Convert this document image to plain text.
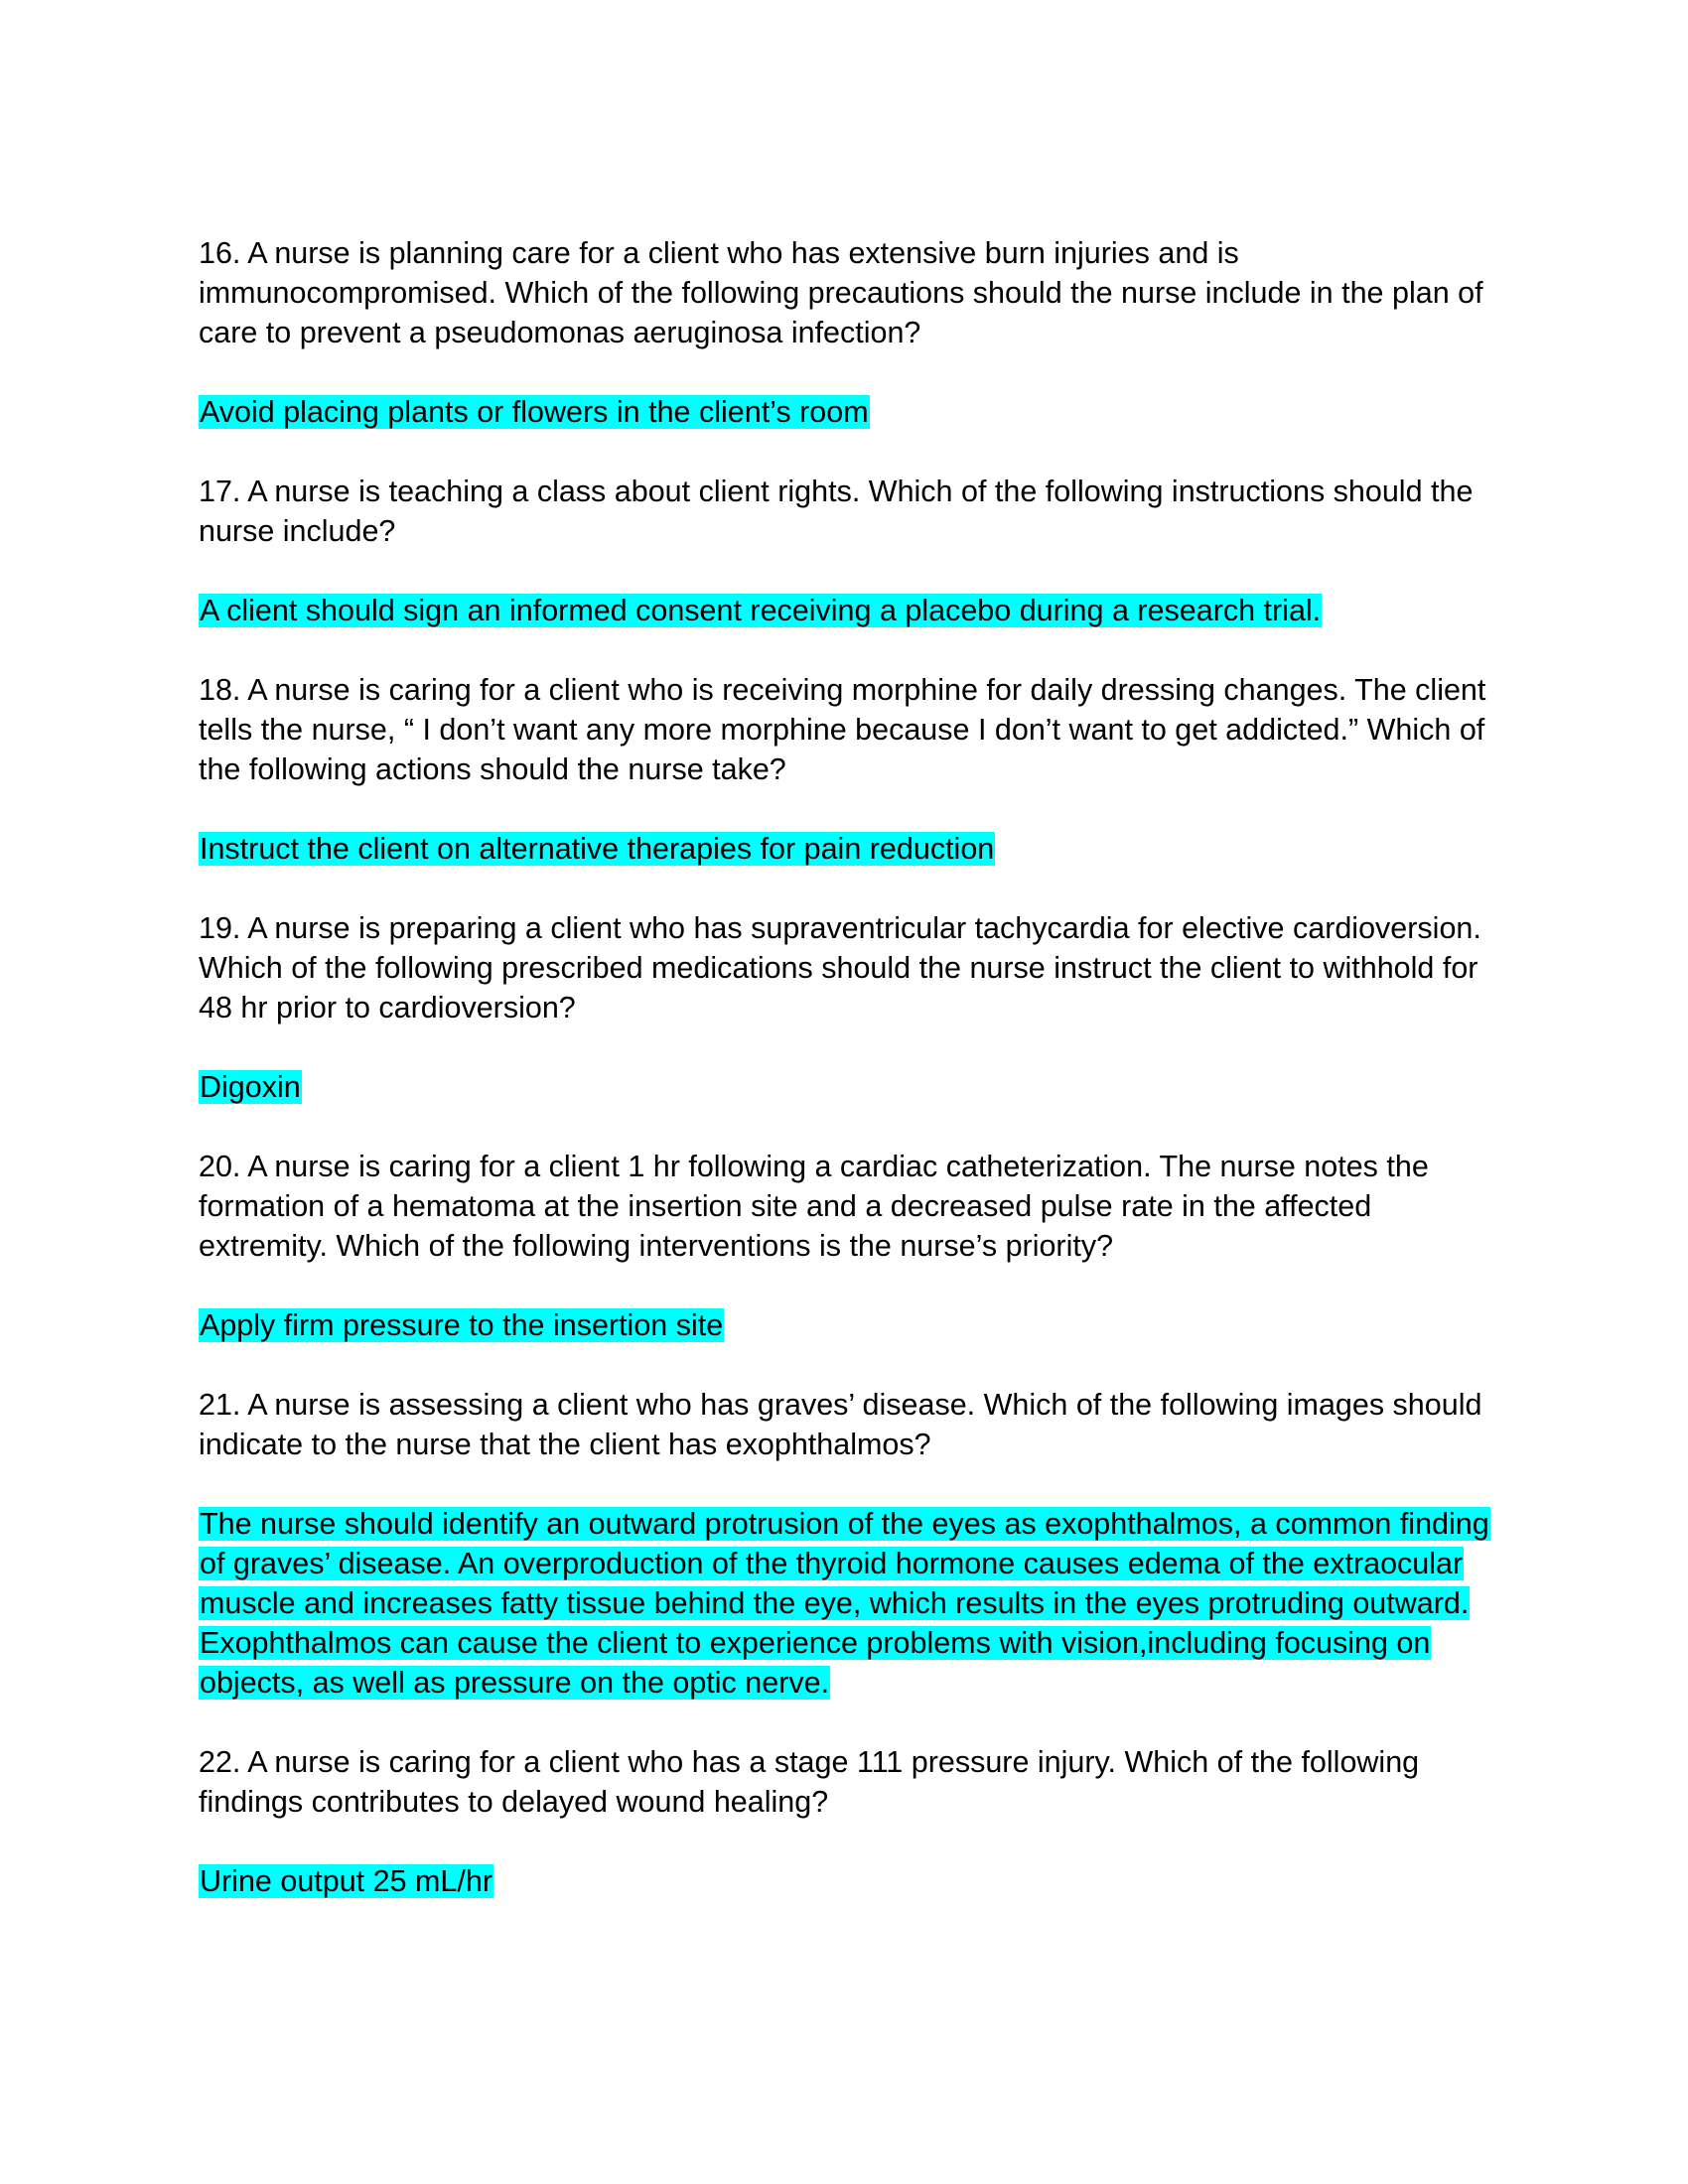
16. A nurse is planning care for a client who has extensive burn injuries and is immunocompromised. Which of the following precautions should the nurse include in the plan of care to prevent a pseudomonas aeruginosa infection?

Avoid placing plants or flowers in the client’s room

17. A nurse is teaching a class about client rights. Which of the following instructions should the nurse include?

A client should sign an informed consent receiving a placebo during a research trial.

18. A nurse is caring for a client who is receiving morphine for daily dressing changes. The client tells the nurse, “ I don’t want any more morphine because I don’t want to get addicted.” Which of the following actions should the nurse take?

Instruct the client on alternative therapies for pain reduction

19. A nurse is preparing a client who has supraventricular tachycardia for elective cardioversion. Which of the following prescribed medications should the nurse instruct the client to withhold for 48 hr prior to cardioversion?

Digoxin

20. A nurse is caring for a client 1 hr following a cardiac catheterization. The nurse notes the formation of a hematoma at the insertion site and a decreased pulse rate in the affected extremity. Which of the following interventions is the nurse’s priority?

Apply firm pressure to the insertion site

21. A nurse is assessing a client who has graves’ disease. Which of the following images should indicate to the nurse that the client has exophthalmos?

The nurse should identify an outward protrusion of the eyes as exophthalmos, a common finding of graves’ disease. An overproduction of the thyroid hormone causes edema of the extraocular muscle and increases fatty tissue behind the eye, which results in the eyes protruding outward. Exophthalmos can cause the client to experience problems with vision,including focusing on objects, as well as pressure on the optic nerve.

22. A nurse is caring for a client who has a stage 111 pressure injury. Which of the following findings contributes to delayed wound healing?

Urine output 25 mL/hr
